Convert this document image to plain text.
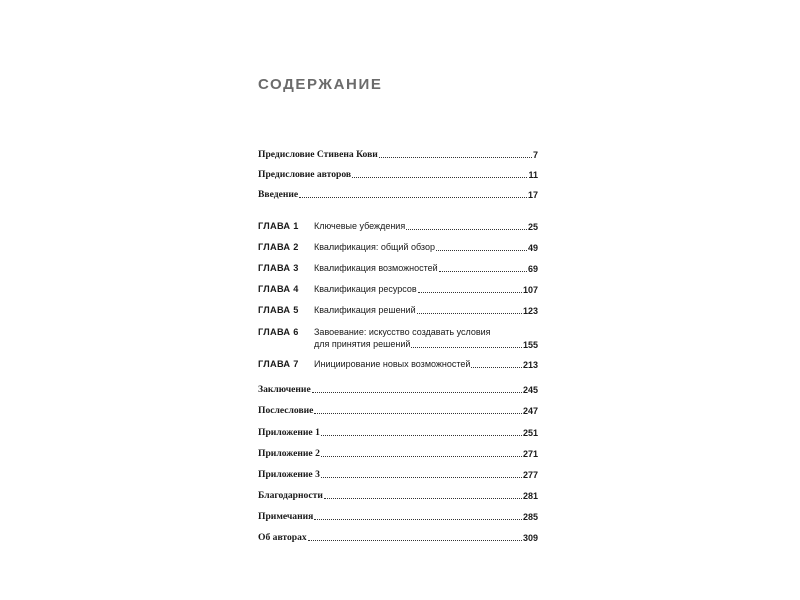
СОДЕРЖАНИЕ
Предисловие Стивена Кови	7
Предисловие авторов	11
Введение	17
ГЛАВА 1 Ключевые убеждения	25
ГЛАВА 2 Квалификация: общий обзор	49
ГЛАВА 3 Квалификация возможностей	69
ГЛАВА 4 Квалификация ресурсов	107
ГЛАВА 5 Квалификация решений	123
ГЛАВА 6	Завоевание: искусство создавать условия
для принятия решений	155
ГЛАВА 7 Инициирование новых возможностей	213
Заключение	245
Послесловие	247
Приложение 1	251
Приложение 2	271
Приложение 3	277
Благодарности	281
Примечания	285
Об авторах	309
